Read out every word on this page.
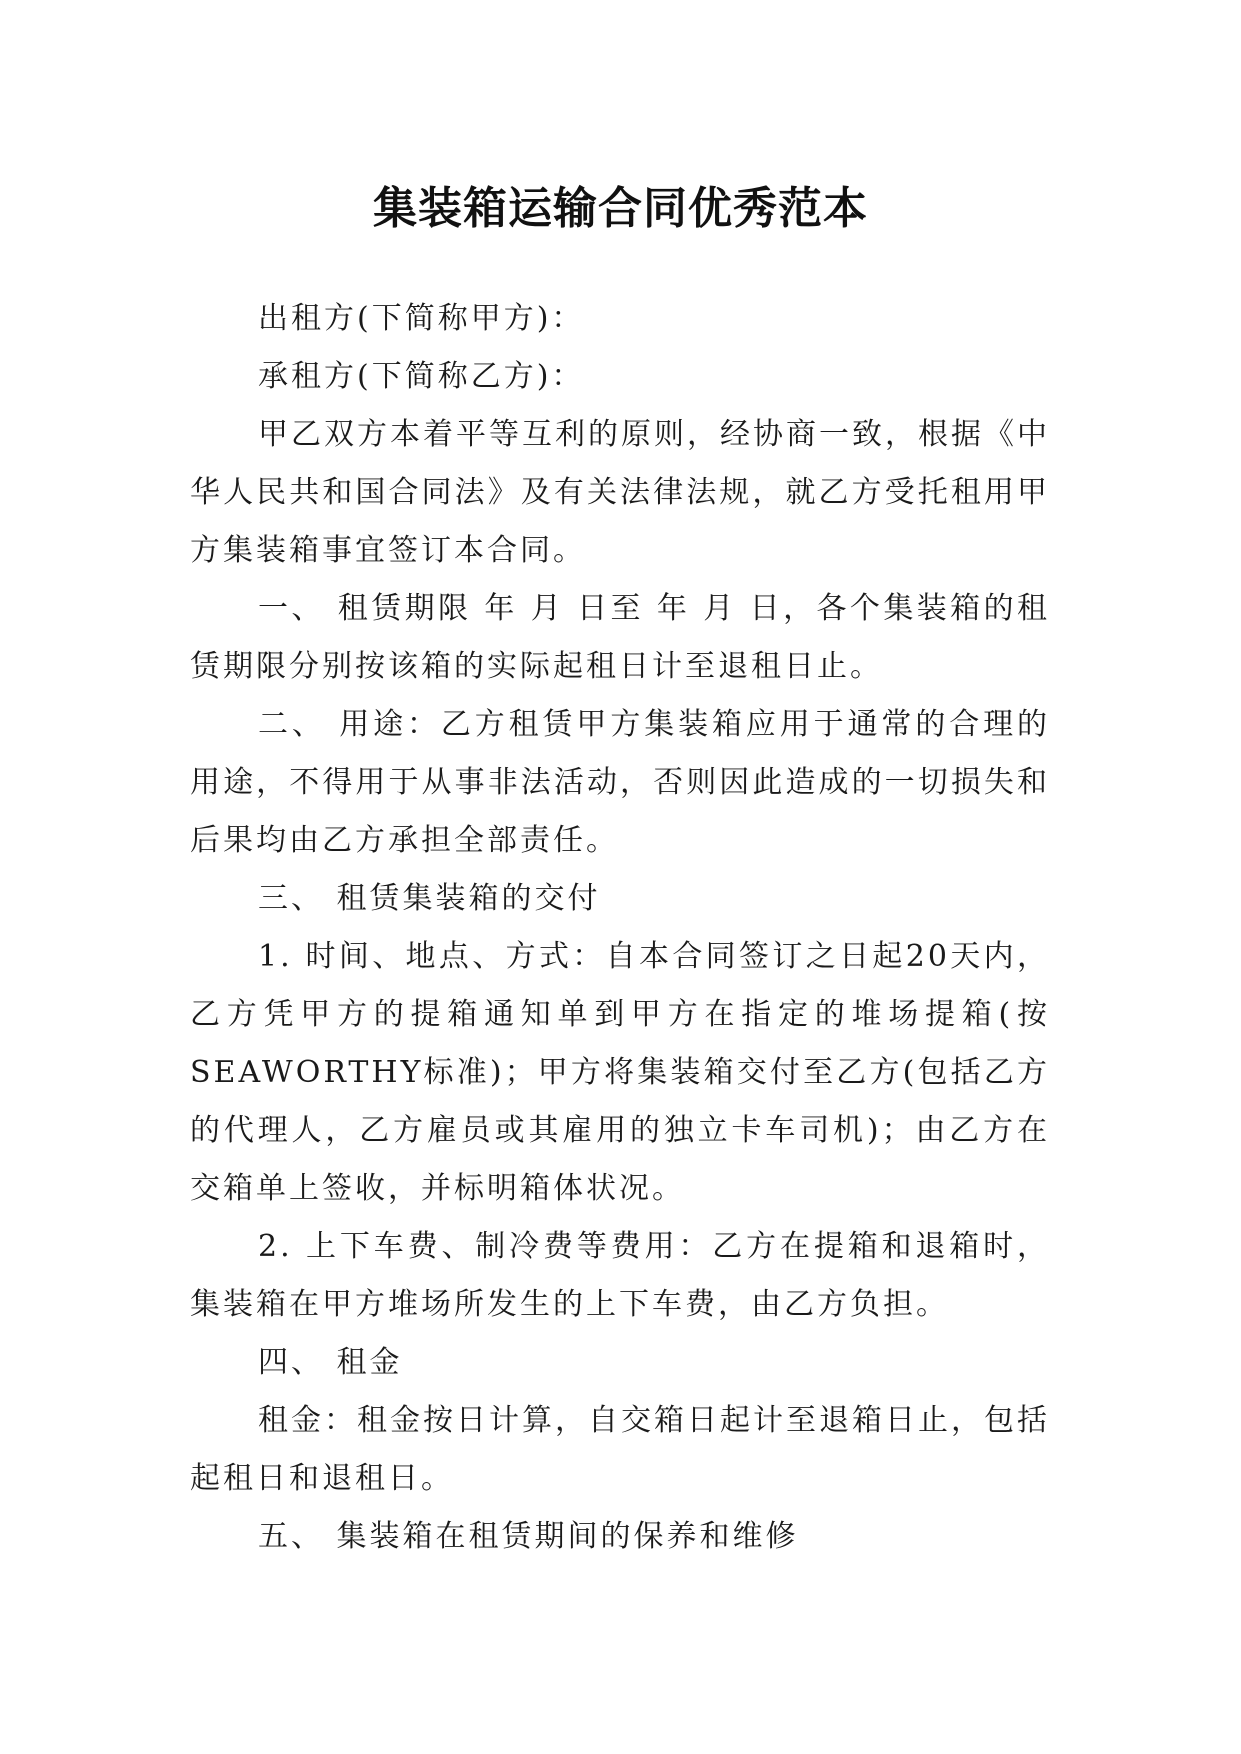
集装箱运输合同优秀范本

出租方(下简称甲方)：

承租方(下简称乙方)：

甲乙双方本着平等互利的原则，经协商一致，根据《中华人民共和国合同法》及有关法律法规，就乙方受托租用甲方集装箱事宜签订本合同。

一、 租赁期限 年 月 日至 年 月 日，各个集装箱的租赁期限分别按该箱的实际起租日计至退租日止。

二、 用途：乙方租赁甲方集装箱应用于通常的合理的用途，不得用于从事非法活动，否则因此造成的一切损失和后果均由乙方承担全部责任。

三、 租赁集装箱的交付

1. 时间、地点、方式：自本合同签订之日起20天内，乙方凭甲方的提箱通知单到甲方在指定的堆场提箱(按SEAWORTHY标准)；甲方将集装箱交付至乙方(包括乙方的代理人，乙方雇员或其雇用的独立卡车司机)；由乙方在交箱单上签收，并标明箱体状况。

2. 上下车费、制冷费等费用：乙方在提箱和退箱时，集装箱在甲方堆场所发生的上下车费，由乙方负担。

四、 租金

租金：租金按日计算，自交箱日起计至退箱日止，包括起租日和退租日。

五、 集装箱在租赁期间的保养和维修
